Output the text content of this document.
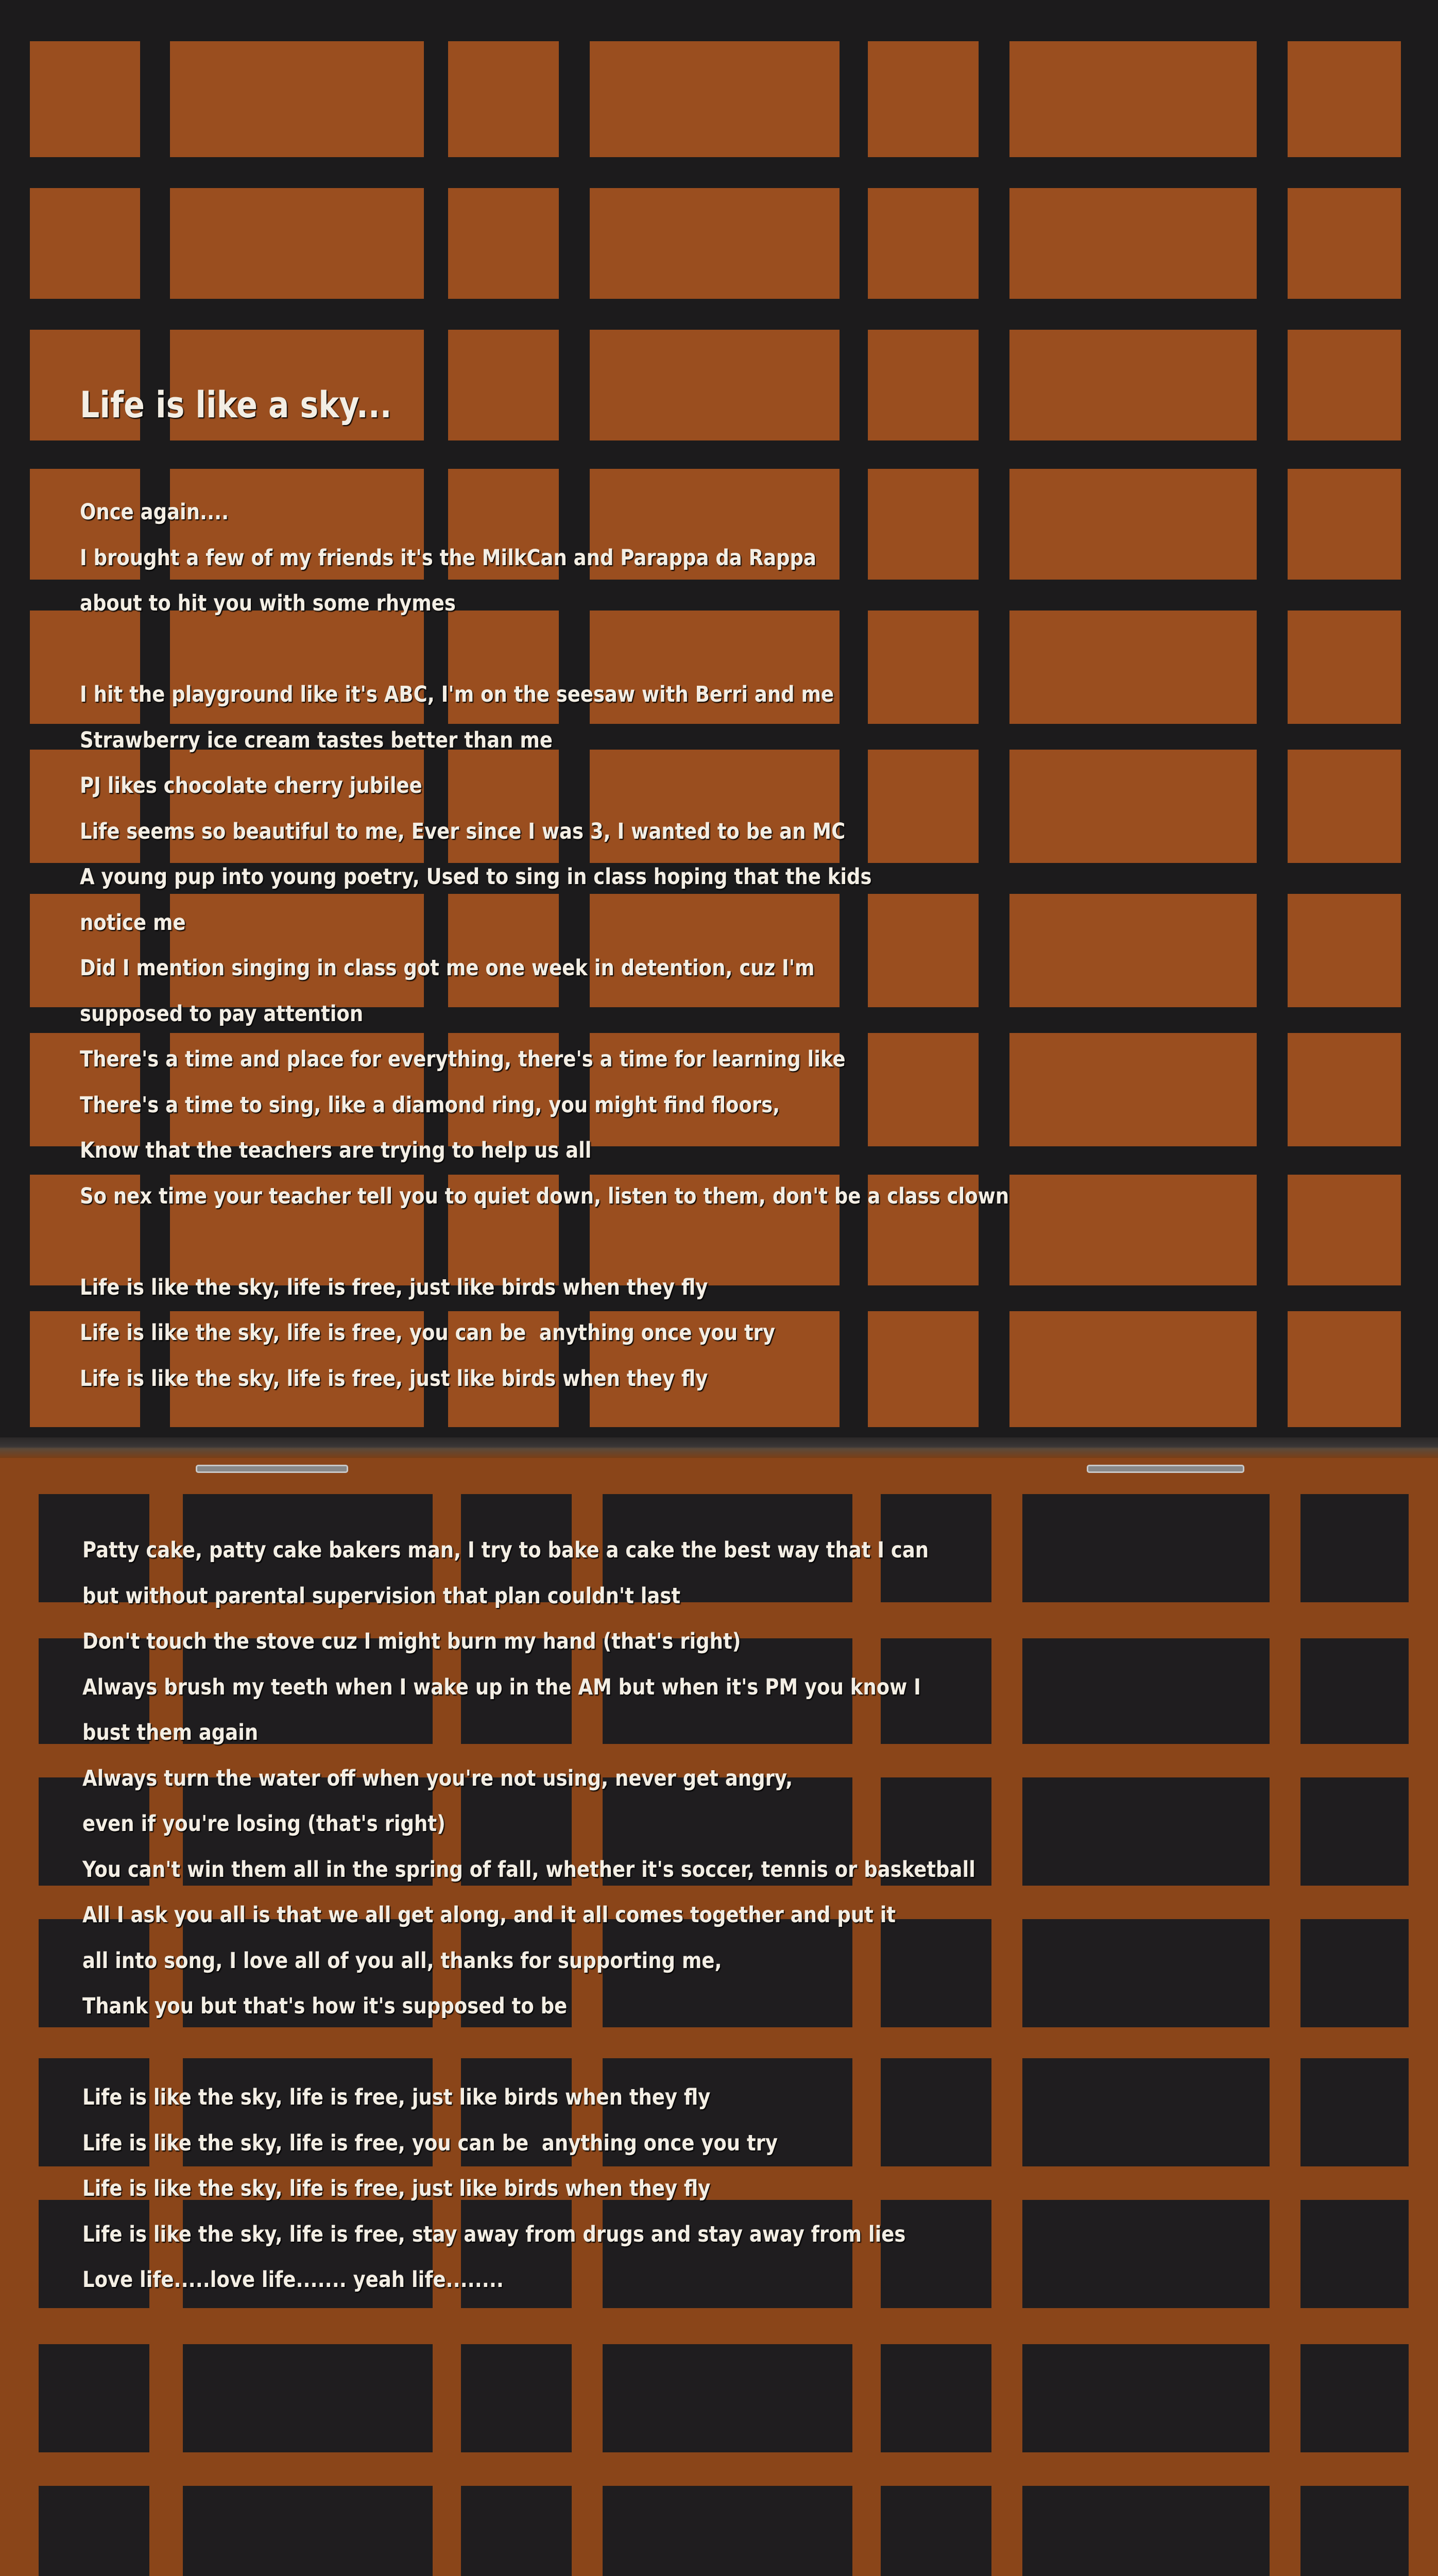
Life is like a sky...
Once again....
I brought a few of my friends it's the MilkCan and Parappa da Rappa
about to hit you with some rhymes
I hit the playground like it's ABC, I'm on the seesaw with Berri and me
Strawberry ice cream tastes better than me
PJ likes chocolate cherry jubilee
Life seems so beautiful to me, Ever since I was 3, I wanted to be an MC
A young pup into young poetry, Used to sing in class hoping that the kids
notice me
Did I mention singing in class got me one week in detention, cuz I'm
supposed to pay attention
There's a time and place for everything, there's a time for learning like
There's a time to sing, like a diamond ring, you might find floors,
Know that the teachers are trying to help us all
So nex time your teacher tell you to quiet down, listen to them, don't be a class clown
Life is like the sky, life is free, just like birds when they fly
Life is like the sky, life is free, you can be  anything once you try
Life is like the sky, life is free, just like birds when they fly
Patty cake, patty cake bakers man, I try to bake a cake the best way that I can
but without parental supervision that plan couldn't last
Don't touch the stove cuz I might burn my hand (that's right)
Always brush my teeth when I wake up in the AM but when it's PM you know I
bust them again
Always turn the water off when you're not using, never get angry,
even if you're losing (that's right)
You can't win them all in the spring of fall, whether it's soccer, tennis or basketball
All I ask you all is that we all get along, and it all comes together and put it
all into song, I love all of you all, thanks for supporting me,
Thank you but that's how it's supposed to be
Life is like the sky, life is free, just like birds when they fly
Life is like the sky, life is free, you can be  anything once you try
Life is like the sky, life is free, just like birds when they fly
Life is like the sky, life is free, stay away from drugs and stay away from lies
Love life.....love life....... yeah life........
